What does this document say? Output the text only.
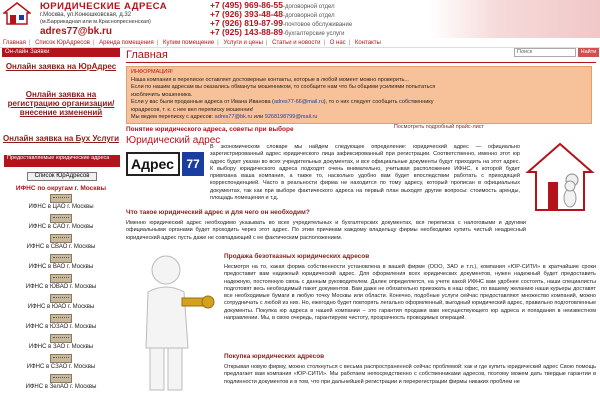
ЮРИДИЧЕСКИЕ АДРЕСА
г.Москва, ул.Конюшковская, д.32
(м.Баррикадная или м.Краснопресненская)
adres77@bk.ru
+7 (495) 969-86-55-договорной отдел
+7 (926) 393-48-48-договорной отдел
+7 (926) 819-87-99-почтовое обслуживание
+7 (925) 143-88-89-бухгалтерские услуги
Главная | Список ЮрАдресов | Аренда помещения | Купим помещение | Услуги и цены | Статьи и новости | О нас | Контакты
Он-лайн Заявки
Онлайн заявка на ЮрАдрес
Онлайн заявка на регистрацию организации/ внесение изменений
Онлайн заявка на Бух Услуги
Предоставляемые юридические адреса
Список ЮрАдресов
ИФНС по округам г. Москвы
ИФНС в ЦАО г. Москвы
ИФНС в САО г. Москвы
ИФНС в СВАО г. Москвы
ИФНС в ВАО г. Москвы
ИФНС в ЮВАО г. Москвы
ИФНС в ЮАО г. Москвы
ИФНС в ЮЗАО г. Москвы
ИФНС в ЗАО г. Москвы
ИФНС в СЗАО г. Москвы
ИФНС в ЗелАО г. Москвы
Главная	Поиск	Найти
ИНФОРМАЦИЯ!
Наша компания в переписке оставляет достоверные контакты, которые в любой момент можно проверить...
Если по нашим адресам вы оказались обмануты мошенником, то сообщите нам что бы общими усилиями попытаться
изобличить мошенника.
Если у вас были проданные адреса от Ивана Иванова (adres77-66@mail.ru), то о них следует сообщить собственнику
юрадресов, т. к. с нее вел переписку мошенник!
Мы ведем переписку с адресов: adres77@bk.ru или 9268198799@mail.ru
Понятие юридического адреса, советы при выборе	Посмотреть подробный прайс-лист
Юридический адрес
Адрес	77
В экономическом словаре мы найдем следующее определение: юридический адрес — официально зарегистрированный адрес юридического лица зафиксированный при регистрации. Соответственно, именно этот юр адрес будет указан во всех учредительных документах, и все официальные документы будут приходить на этот адрес. К выбору юридического адреса подходят очень внимательно, учитывая расположение ИФНС, к которой будет привязана ваша компания, а также то, насколько удобно вам будет впоследствии работать с приходящей корреспонденцией. Часто в реальности фирма не находится по тому адресу, который прописан в официальных документах, так как при выборе фактического адреса на первый план выходят другие вопросы: стоимость аренды, площадь помещения и т.д.
Что такое юридический адрес и для чего он необходим?
Именно юридический адрес необходимо указывать во всех учредительных и бухгалтерских документах, вся переписка с налоговыми и другими официальными органами будет проходить через этот адрес. По этим причинам каждому владельцу фирмы необходимо купить чистый неадресный юридический адрес пусть даже не совпадающий с ее фактическим расположением.
Продажа безотказных юридических адресов
Несмотря на то, какая форма собственности установлена в вашей фирме (ООО, ЗАО и т.п.), компания «ЮР-СИТИ» в кратчайшие сроки предоставит вам надежный юридический адрес. Для оформления всех юридических документов, нужен надежный будет предоставить надежную, постоянную связь с данным руководителем. Далее определяется, на учете какой ИФНС вам удобнее состоять, наши специалисты подготовят весь необходимый пакет документов. Вам даже не обязательно приезжать в наш офис, по вашему желанию наши курьеры доставят все необходимые бумаги в любую точку Москвы или области. Конечно, подобные услуги сейчас предоставляют множество компаний, можно сотрудничать с любой из них. Но, ежегодно будет повторять легально оформленный, выгодный юридический адрес, правильно подготовленные документы. Покупка юр адреса в нашей компании – это гарантия продажи вам несуществующего юр адреса и попадания в неизвестном направлении. Мы, в свою очередь, гарантируем чистоту, прозрачность проводимых операций.
Покупка юридических адресов
Открывая новую фирму, можно столкнуться с весьма распространенной сейчас проблемой: как и где купить юридический адрес Свою помощь предлагает вам компания «ЮР-СИТИ». Мы работаем непосредственно с собственниками адресов, поэтому можем дать твердые гарантии в подлинности документов и в том, что при дальнейшей регистрации и перерегистрации фирмы никаких проблем не
